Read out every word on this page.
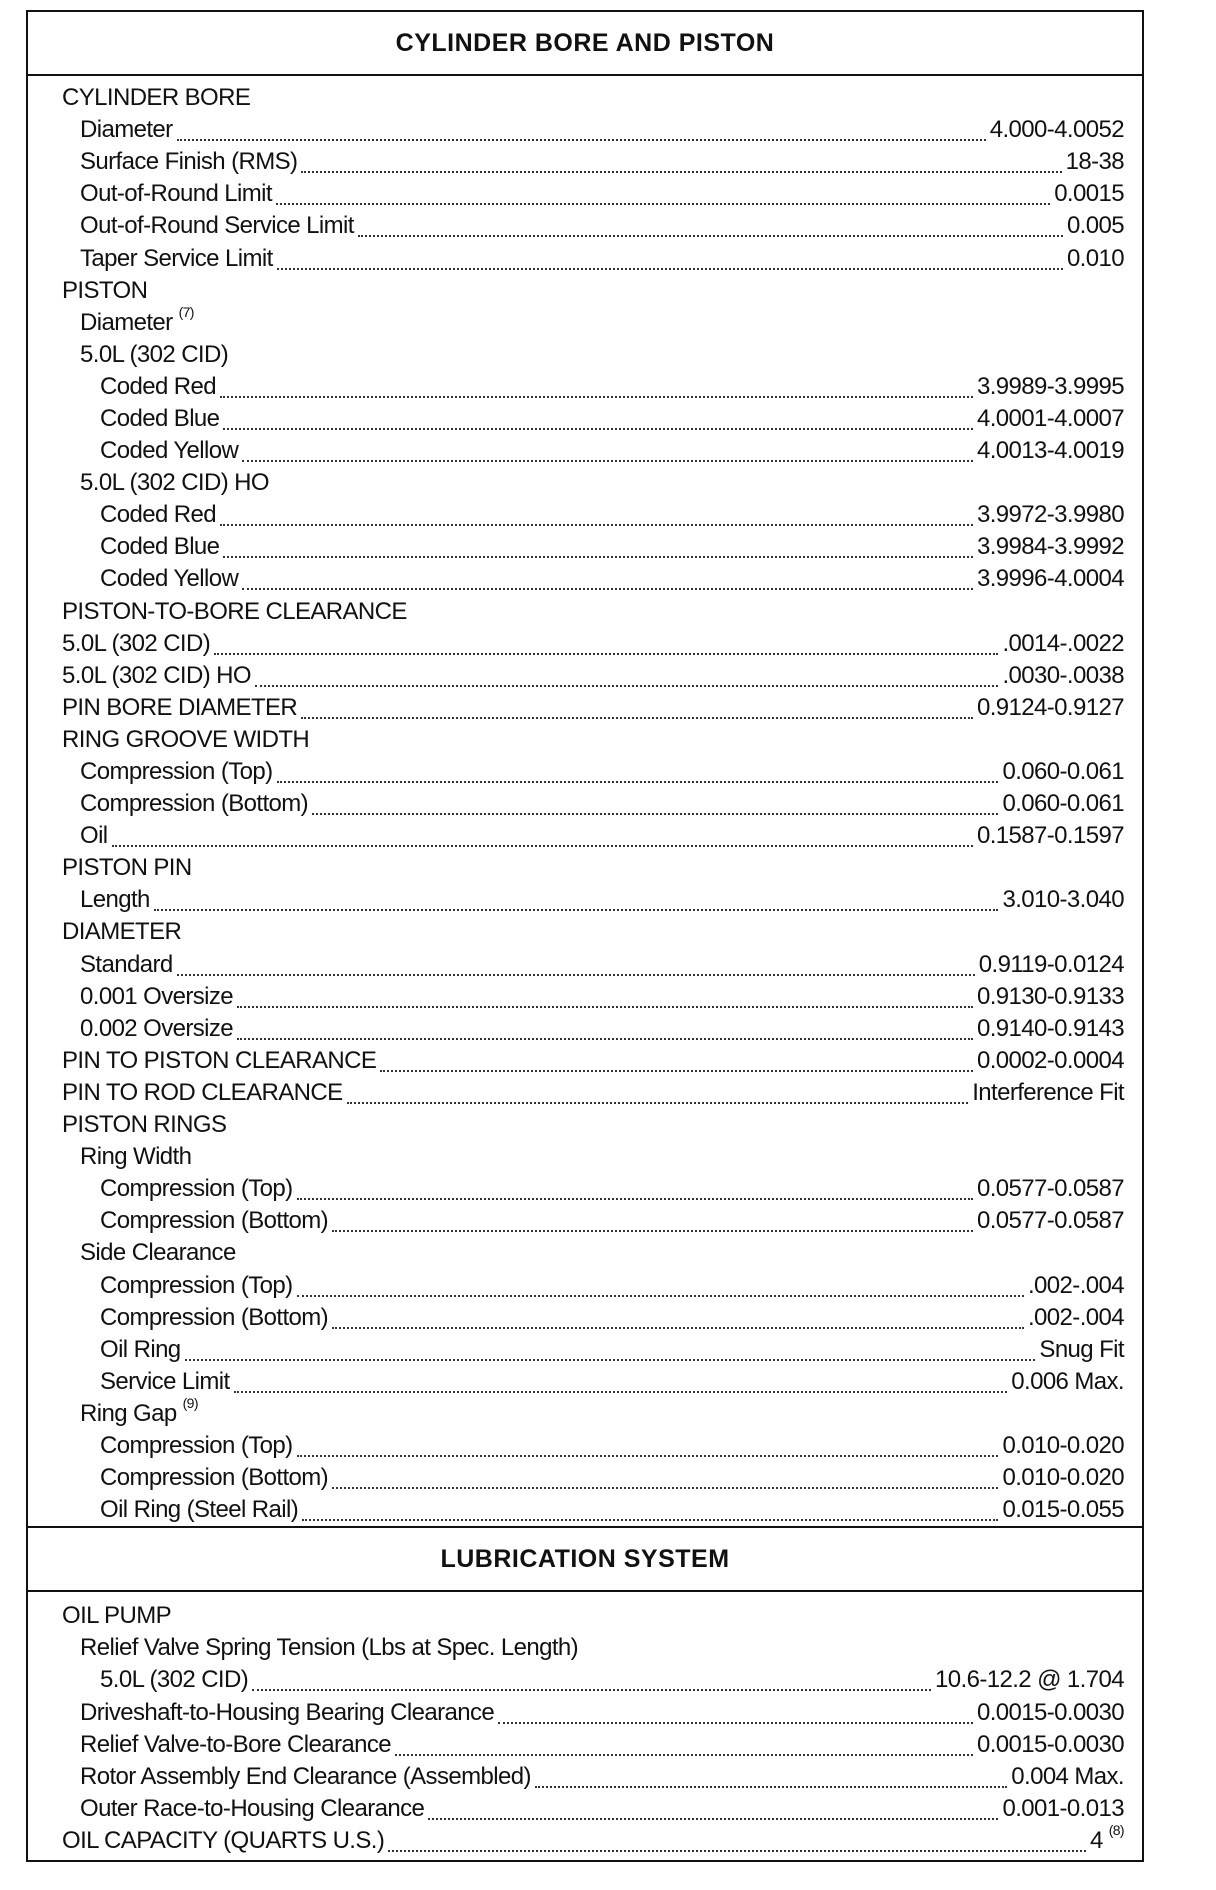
CYLINDER BORE AND PISTON
CYLINDER BORE
Diameter	4.000-4.0052
Surface Finish (RMS)	18-38
Out-of-Round Limit	0.0015
Out-of-Round Service Limit	0.005
Taper Service Limit	0.010
PISTON
Diameter $^{(7)}$
5.0L (302 CID)
Coded Red	3.9989-3.9995
Coded Blue	4.0001-4.0007
Coded Yellow	4.0013-4.0019
5.0L (302 CID) HO
Coded Red	3.9972-3.9980
Coded Blue	3.9984-3.9992
Coded Yellow	3.9996-4.0004
PISTON-TO-BORE CLEARANCE
5.0L (302 CID)	.0014-.0022
5.0L (302 CID) HO	.0030-.0038
PIN BORE DIAMETER	0.9124-0.9127
RING GROOVE WIDTH
Compression (Top)	0.060-0.061
Compression (Bottom)	0.060-0.061
Oil	0.1587-0.1597
PISTON PIN
Length	3.010-3.040
DIAMETER
Standard	0.9119-0.0124
0.001 Oversize	0.9130-0.9133
0.002 Oversize	0.9140-0.9143
PIN TO PISTON CLEARANCE	0.0002-0.0004
PIN TO ROD CLEARANCE	Interference Fit
PISTON RINGS
Ring Width
Compression (Top)	0.0577-0.0587
Compression (Bottom)	0.0577-0.0587
Side Clearance
Compression (Top)	.002-.004
Compression (Bottom)	.002-.004
Oil Ring	Snug Fit
Service Limit	0.006 Max.
Ring Gap $^{(9)}$
Compression (Top)	0.010-0.020
Compression (Bottom)	0.010-0.020
Oil Ring (Steel Rail)	0.015-0.055
LUBRICATION SYSTEM
OIL PUMP
Relief Valve Spring Tension (Lbs at Spec. Length)
5.0L (302 CID)	10.6-12.2 @ 1.704
Driveshaft-to-Housing Bearing Clearance	0.0015-0.0030
Relief Valve-to-Bore Clearance	0.0015-0.0030
Rotor Assembly End Clearance (Assembled)	0.004 Max.
Outer Race-to-Housing Clearance	0.001-0.013
OIL CAPACITY (QUARTS U.S.)	4 $^{(8)}$
